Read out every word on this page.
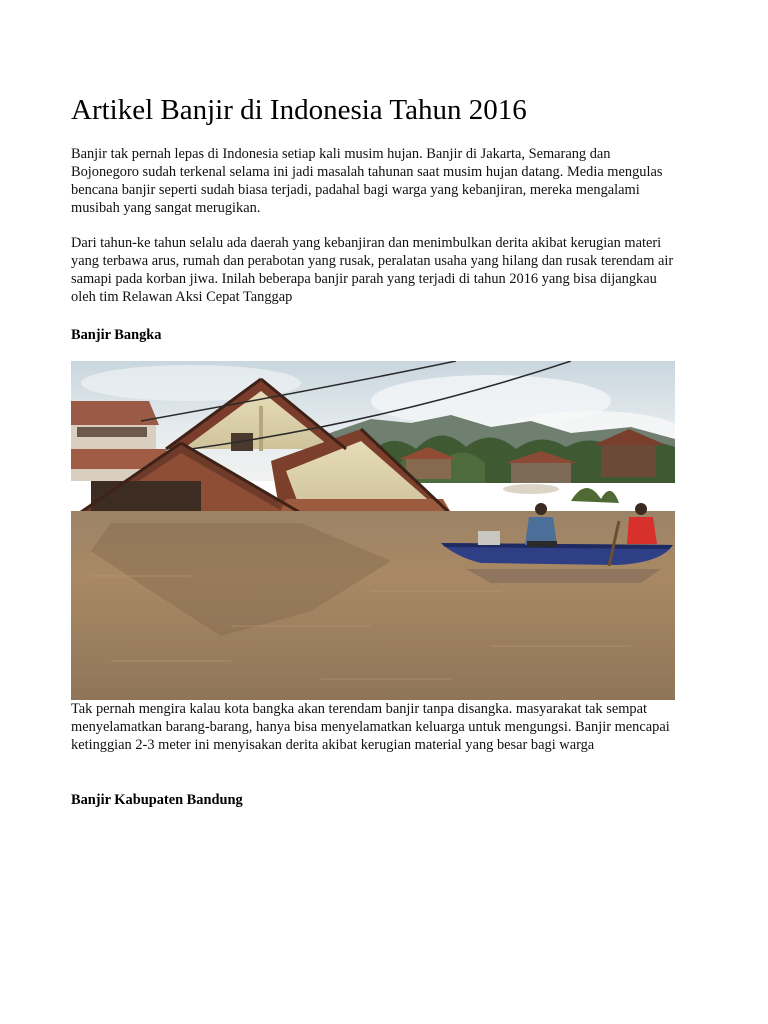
Artikel Banjir di Indonesia Tahun 2016

Banjir tak pernah lepas di Indonesia setiap kali musim hujan. Banjir di Jakarta, Semarang dan Bojonegoro sudah terkenal selama ini jadi masalah tahunan saat musim hujan datang. Media mengulas bencana banjir seperti sudah biasa terjadi, padahal bagi warga yang kebanjiran, mereka mengalami musibah yang sangat merugikan.

Dari tahun-ke tahun selalu ada daerah yang kebanjiran dan menimbulkan derita akibat kerugian materi yang terbawa arus, rumah dan perabotan yang rusak, peralatan usaha yang hilang dan rusak terendam air samapi pada korban jiwa. Inilah beberapa banjir parah yang terjadi di tahun 2016 yang bisa dijangkau oleh tim Relawan Aksi Cepat Tanggap

Banjir Bangka

Tak pernah mengira kalau kota bangka akan terendam banjir tanpa disangka. masyarakat tak sempat menyelamatkan barang-barang, hanya bisa menyelamatkan keluarga untuk mengungsi. Banjir mencapai ketinggian 2-3 meter ini menyisakan derita akibat kerugian material yang besar bagi warga

Banjir Kabupaten Bandung
